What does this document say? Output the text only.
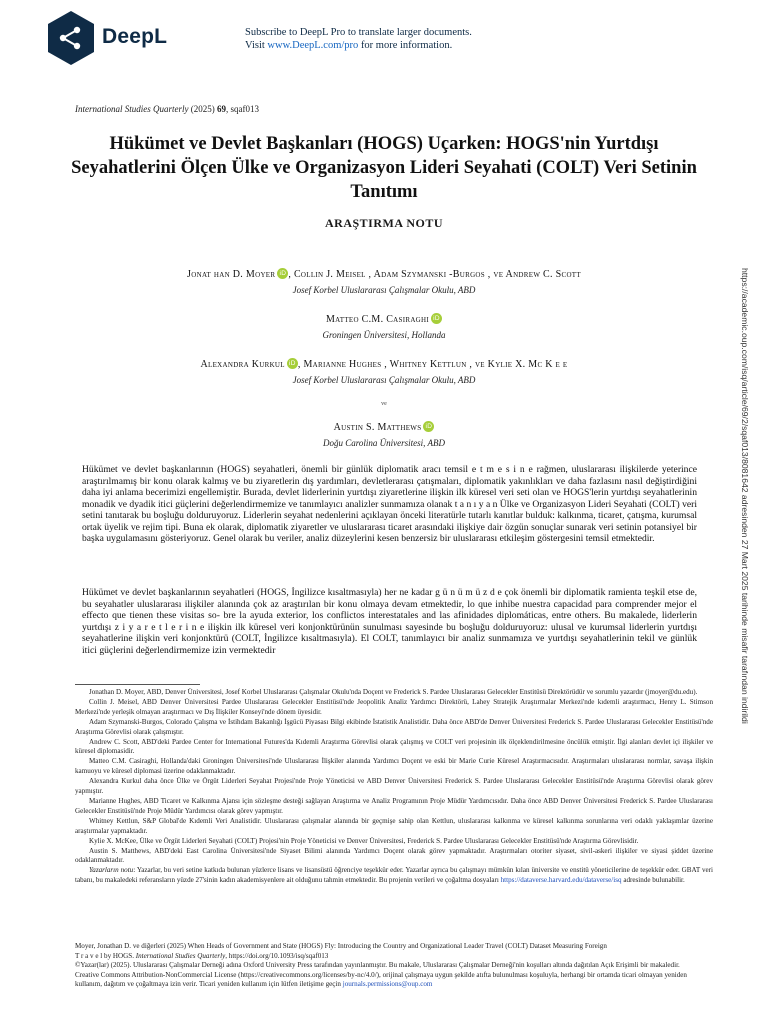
DeepL	Subscribe to DeepL Pro to translate larger documents.
Visit www.DeepL.com/pro for more information.
International Studies Quarterly (2025) 69, sqaf013
Hükümet ve Devlet Başkanları (HOGS) Uçarken: HOGS'nin Yurtdışı Seyahatlerini Ölçen Ülke ve Organizasyon Lideri Seyahati (COLT) Veri Setinin Tanıtımı
ARAŞTIRMA NOTU
Jonat han D. Moyer iD , Collin J. Meisel , Adam Szymanski -Burgos , ve Andrew C. Scott
Josef Korbel Uluslararası Çalışmalar Okulu, ABD
Matteo C.M. Casiraghi iD
Groningen Üniversitesi, Hollanda
Alexandra Kurkul iD , Marianne Hughes , Whitney Kettlun , ve Kylie X. Mc K e e
Josef Korbel Uluslararası Çalışmalar Okulu, ABD
ve
Austin S. Matthews iD
Doğu Carolina Üniversitesi, ABD
Hükümet ve devlet başkanlarının (HOGS) seyahatleri, önemli bir günlük diplomatik aracı temsil e t m e s i n e rağmen, uluslararası ilişkilerde yeterince araştırılmamış bir konu olarak kalmış ve bu ziyaretlerin dış yardımları, devletlerarası çatışmaları, diplomatik yakınlıkları ve daha fazlasını nasıl değiştirdiğini daha iyi anlama becerimizi engellemiştir. Burada, devlet liderlerinin yurtdışı ziyaretlerine ilişkin ilk küresel veri seti olan ve HOGS'lerin yurtdışı seyahatlerinin monadik ve dyadik itici güçlerini değerlendirmemize ve tanımlayıcı analizler sunmamıza olanak t a n ı y a n Ülke ve Organizasyon Lideri Seyahati (COLT) veri setini tanıtarak bu boşluğu dolduruyoruz. Liderlerin seyahat nedenlerini açıklayan önceki literatürle tutarlı kanıtlar bulduk: kalkınma, ticaret, çatışma, kurumsal ortak üyelik ve rejim tipi. Buna ek olarak, diplomatik ziyaretler ve uluslararası ticaret arasındaki ilişkiye dair özgün sonuçlar sunarak veri setinin potansiyel bir başka uygulamasını gösteriyoruz. Genel olarak bu veriler, analiz düzeylerini kesen benzersiz bir uluslararası etkileşim göstergesini temsil etmektedir.
Hükümet ve devlet başkanlarının seyahatleri (HOGS, İngilizce kısaltmasıyla) her ne kadar g ü n ü m ü z d e çok önemli bir diplomatik ramienta teşkil etse de, bu seyahatler uluslararası ilişkiler alanında çok az araştırılan bir konu olmaya devam etmektedir, lo que inhibe nuestra capacidad para comprender mejor el effecto que tienen these visitas so- bre la ayuda exterior, los conflictos interestatales and las afinidades diplomáticas, entre others. Bu makalede, liderlerin yurtdışı z i y a r e t l e r i n e ilişkin ilk küresel veri konjonktürünün sunulması sayesinde bu boşluğu dolduruyoruz: ulusal ve kurumsal liderlerin yurtdışı seyahatlerine ilişkin veri konjonktürü (COLT, İngilizce kısaltmasıyla). El COLT, tanımlayıcı bir analiz sunmamıza ve yurtdışı seyahatlerinin tekil ve günlük itici güçlerini değerlendirmemize izin vermektedir

Jonathan D. Moyer, ABD, Denver Üniversitesi, Josef Korbel Uluslararası Çalışmalar Okulu'nda Doçent ve Frederick S. Pardee Uluslararası Gelecekler Enstitüsü Direktörüdür ve sorumlu yazardır (jmoyer@du.edu).

Collin J. Meisel, ABD Denver Üniversitesi Pardee Uluslararası Gelecekler Enstitüsü'nde Jeopolitik Analiz Yardımcı Direktörü, Lahey Stratejik Araştırmalar Merkezi'nde kıdemli araştırmacı, Henry L. Stimson Merkezi'nde yerleşik olmayan araştırmacı ve Dış İlişkiler Konseyi'nde dönem üyesidir.

Adam Szymanski-Burgos, Colorado Çalışma ve İstihdam Bakanlığı İşgücü Piyasası Bilgi ekibinde İstatistik Analistidir. Daha önce ABD'de Denver Üniversitesi Frederick S. Pardee Uluslararası Gelecekler Enstitüsü'nde Araştırma Görevlisi olarak çalışmıştır.

Andrew C. Scott, ABD'deki Pardee Center for International Futures'da Kıdemli Araştırma Görevlisi olarak çalışmış ve COLT veri projesinin ilk ölçeklendirilmesine öncülük etmiştir. İlgi alanları devlet içi ilişkiler ve küresel diplomasidir.

Matteo C.M. Casiraghi, Hollanda'daki Groningen Üniversitesi'nde Uluslararası İlişkiler alanında Yardımcı Doçent ve eski bir Marie Curie Küresel Araştırmacısıdır. Araştırmaları uluslararası normlar, savaşa ilişkin kamuoyu ve küresel diplomasi üzerine odaklanmaktadır.

Alexandra Kurkul daha önce Ülke ve Örgüt Liderleri Seyahat Projesi'nde Proje Yöneticisi ve ABD Denver Üniversitesi Frederick S. Pardee Uluslararası Gelecekler Enstitüsü'nde Araştırma Görevlisi olarak görev yapmıştır.

Marianne Hughes, ABD Ticaret ve Kalkınma Ajansı için sözleşme desteği sağlayan Araştırma ve Analiz Programının Proje Müdür Yardımcısıdır. Daha önce ABD Denver Üniversitesi Frederick S. Pardee Uluslararası Gelecekler Enstitüsü'nde Proje Müdür Yardımcısı olarak görev yapmıştır.

Whitney Kettlun, S&P Global'de Kıdemli Veri Analistidir. Uluslararası çalışmalar alanında bir geçmişe sahip olan Kettlun, uluslararası kalkınma ve küresel kalkınma sorunlarına veri odaklı yaklaşımlar üzerine araştırmalar yapmaktadır.

Kylie X. McKee, Ülke ve Örgüt Liderleri Seyahati (COLT) Projesi'nin Proje Yöneticisi ve Denver Üniversitesi, Frederick S. Pardee Uluslararası Gelecekler Enstitüsü'nde Araştırma Görevlisidir.

Austin S. Matthews, ABD'deki East Carolina Üniversitesi'nde Siyaset Bilimi alanında Yardımcı Doçent olarak görev yapmaktadır. Araştırmaları otoriter siyaset, sivil-askeri ilişkiler ve siyasi şiddet üzerine odaklanmaktadır.

Yazarların notu: Yazarlar, bu veri setine katkıda bulunan yüzlerce lisans ve lisansüstü öğrenciye teşekkür eder. Yazarlar ayrıca bu çalışmayı mümkün kılan üniversite ve enstitü yöneticilerine de teşekkür eder. GBAT veri tabanı, bu makaledeki referansların yüzde 27'sinin kadın akademisyenlere ait olduğunu tahmin etmektedir. Bu projenin verileri ve çoğaltma dosyaları https://dataverse.harvard.edu/dataverse/isq adresinde bulunabilir.

Moyer, Jonathan D. ve diğerleri (2025) When Heads of Government and State (HOGS) Fly: Introducing the Country and Organizational Leader Travel (COLT) Dataset Measuring Foreign
T r a v e l by HOGS. International Studies Quarterly, https://doi.org/10.1093/isq/sqaf013
©Yazar(lar) (2025). Uluslararası Çalışmalar Derneği adına Oxford University Press tarafından yayınlanmıştır. Bu makale, Uluslararası Çalışmalar Derneği'nin koşulları altında dağıtılan Açık Erişimli bir makaledir.
Creative Commons Attribution-NonCommercial License (https://creativecommons.org/licenses/by-nc/4.0/), orijinal çalışmaya uygun şekilde atıfta bulunulması koşuluyla, herhangi bir ortamda ticari olmayan yeniden kullanım, dağıtım ve çoğaltmaya izin verir. Ticari yeniden kullanım için lütfen iletişime geçin journals.permissions@oup.com
https://academic.oup.com/isq/article/69/2/sqaf013/8081642 adresinden 27 Mart 2025 tarihinde misafir tarafından indirildi
